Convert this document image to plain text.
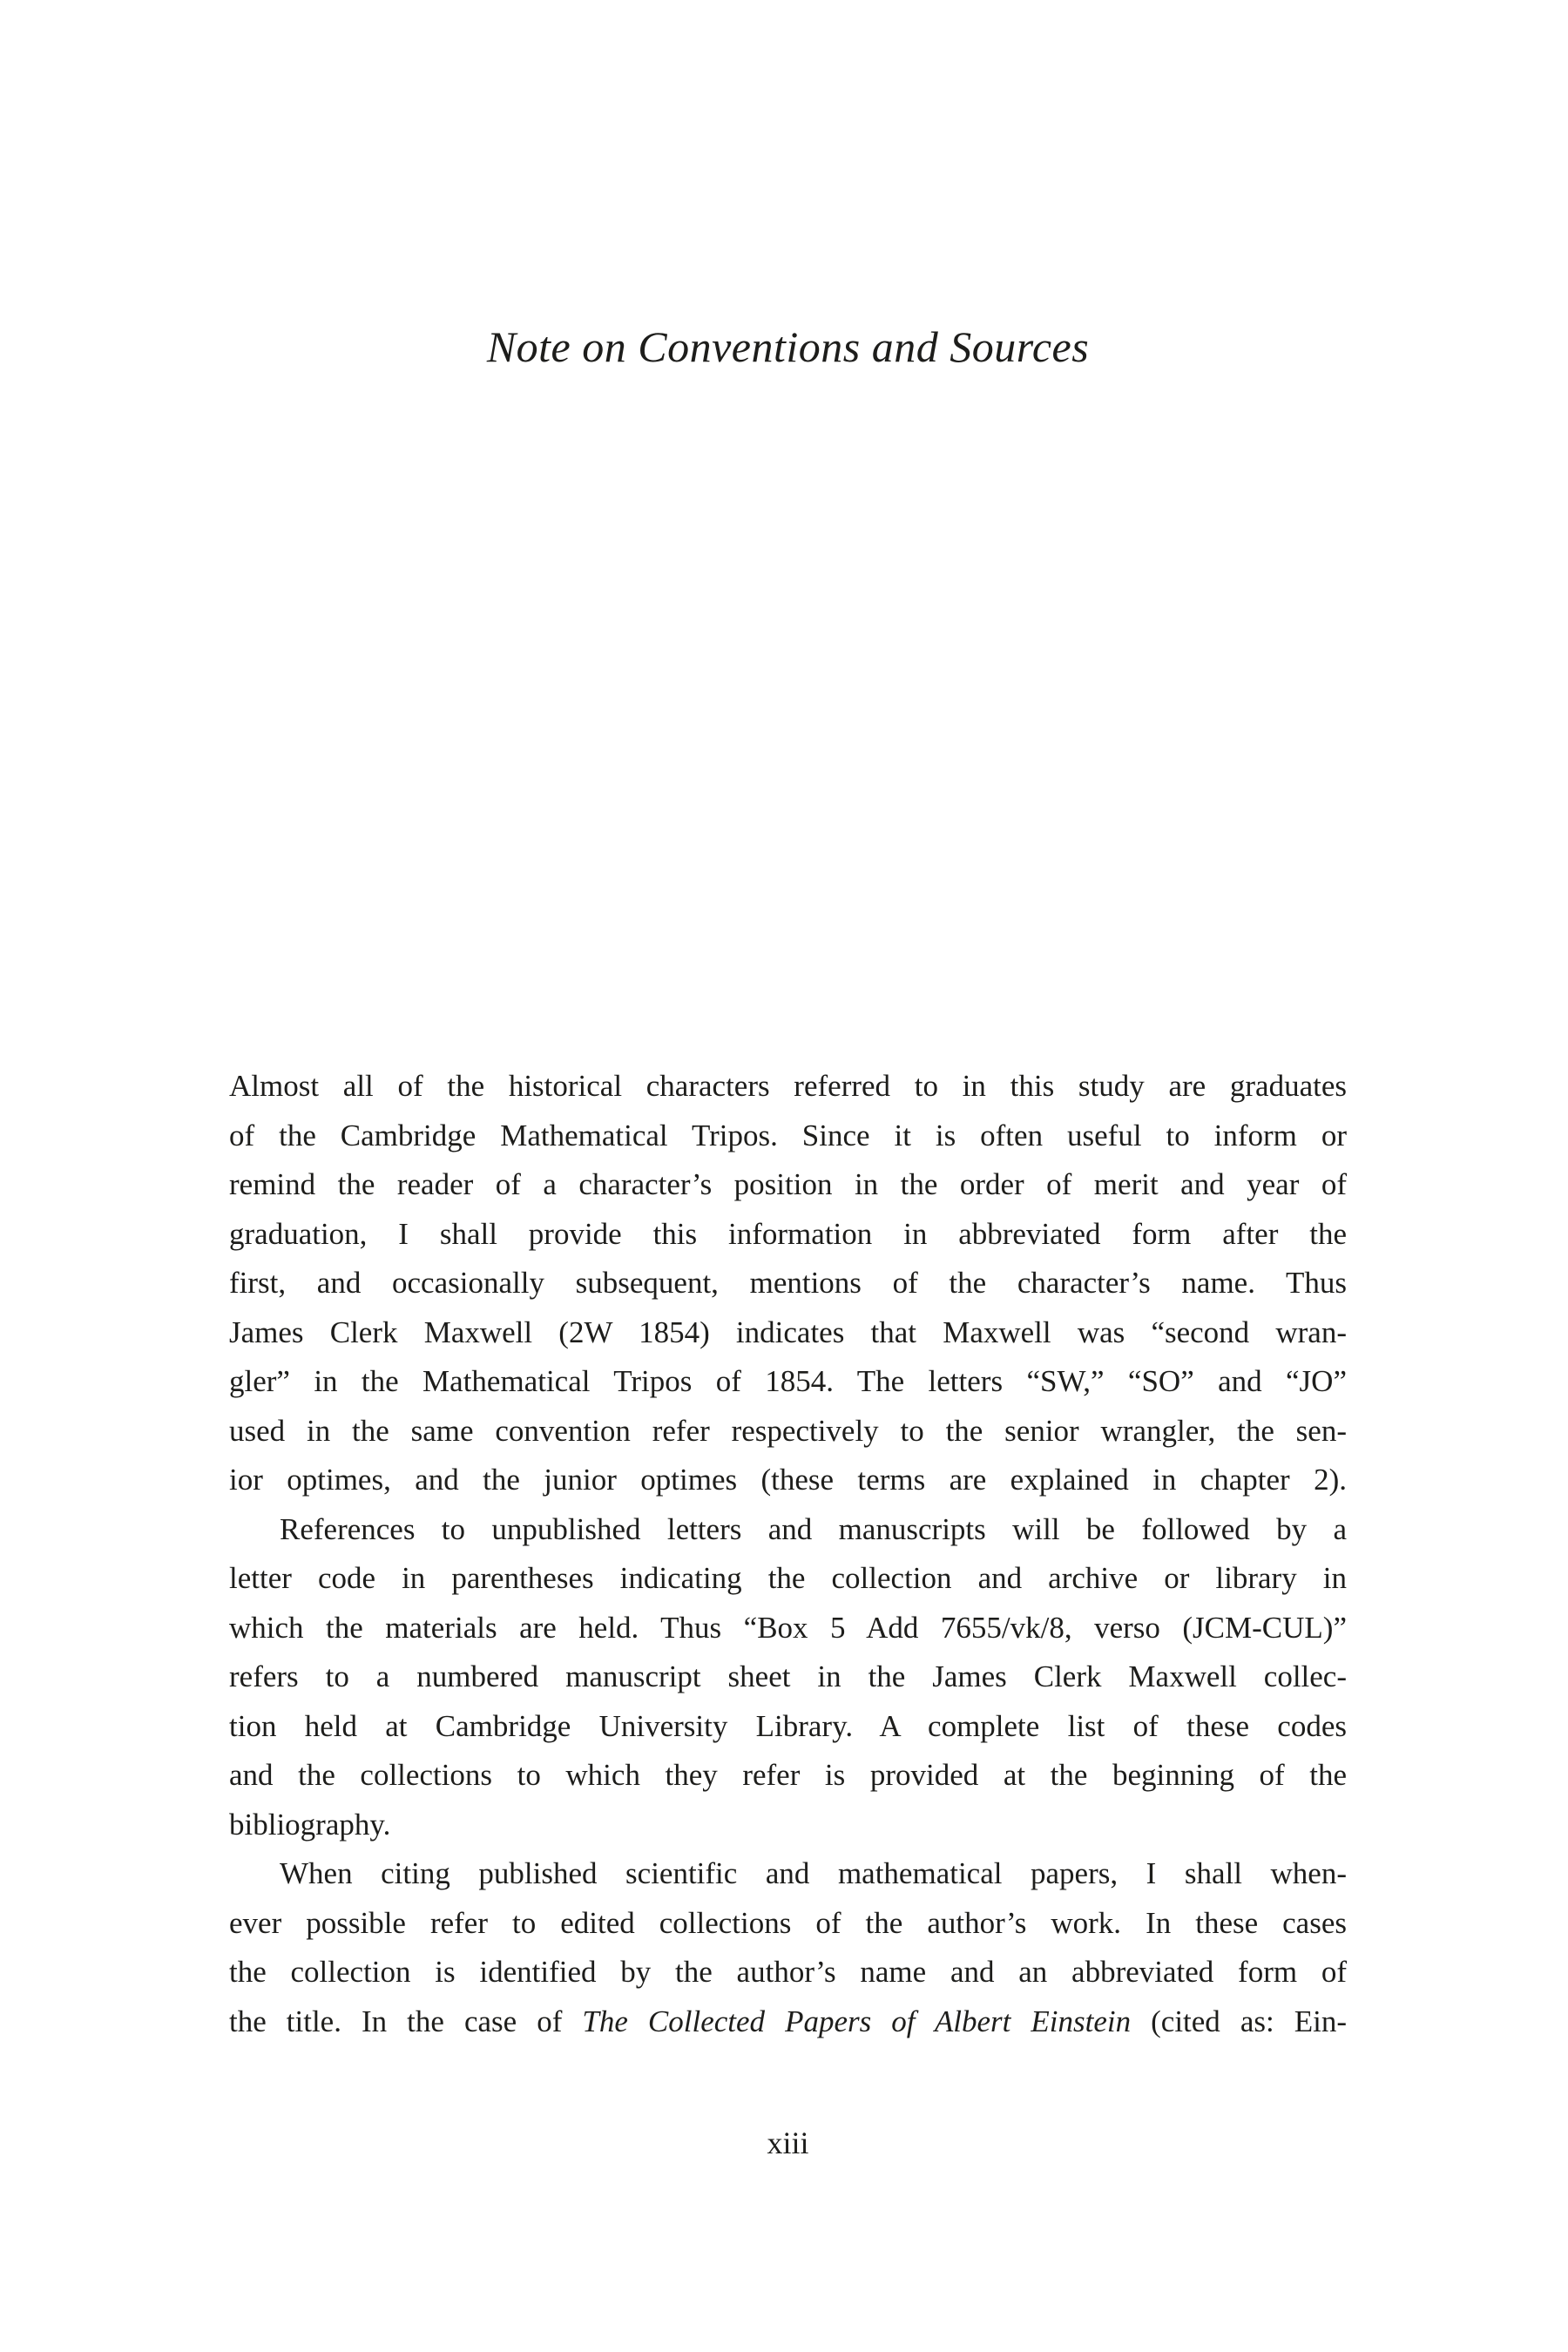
Note on Conventions and Sources
Almost all of the historical characters referred to in this study are graduates
of the Cambridge Mathematical Tripos. Since it is often useful to inform or
remind the reader of a character’s position in the order of merit and year of
graduation, I shall provide this information in abbreviated form after the
first, and occasionally subsequent, mentions of the character’s name. Thus
James Clerk Maxwell (2W 1854) indicates that Maxwell was “second wran-
gler” in the Mathematical Tripos of 1854. The letters “SW,” “SO” and “JO”
used in the same convention refer respectively to the senior wrangler, the sen-
ior optimes, and the junior optimes (these terms are explained in chapter 2).
References to unpublished letters and manuscripts will be followed by a
letter code in parentheses indicating the collection and archive or library in
which the materials are held. Thus “Box 5 Add 7655/vk/8, verso (JCM-CUL)”
refers to a numbered manuscript sheet in the James Clerk Maxwell collec-
tion held at Cambridge University Library. A complete list of these codes
and the collections to which they refer is provided at the beginning of the
bibliography.
When citing published scientific and mathematical papers, I shall when-
ever possible refer to edited collections of the author’s work. In these cases
the collection is identified by the author’s name and an abbreviated form of
the title. In the case of The Collected Papers of Albert Einstein (cited as: Ein-
xiii
